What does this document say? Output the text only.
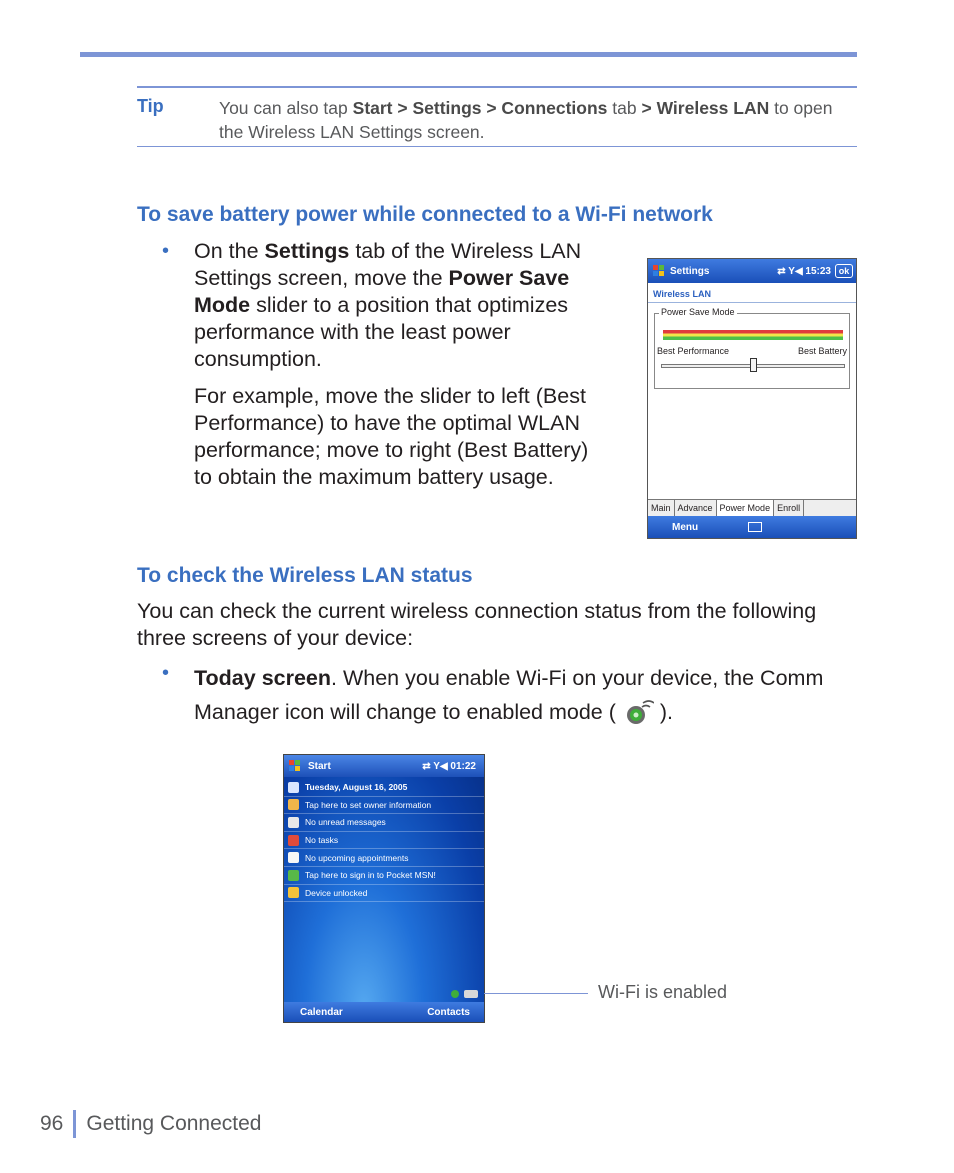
Tip	You can also tap Start > Settings > Connections tab > Wireless LAN to open the Wireless LAN Settings screen.
To save battery power while connected to a Wi-Fi network
• On the Settings tab of the Wireless LAN Settings screen, move the Power Save Mode slider to a position that optimizes performance with the least power consumption.
For example, move the slider to left (Best Performance) to have the optimal WLAN performance; move to right (Best Battery) to obtain the maximum battery usage.
Settings	⇄ Y◀ 15:23 ok
Wireless LAN
Power Save Mode
Best Performance	Best Battery
Main Advance Power Mode Enroll
Menu
To check the Wireless LAN status
You can check the current wireless connection status from the following three screens of your device:
• Today screen. When you enable Wi-Fi on your device, the Comm Manager icon will change to enabled mode (  ).
Start	⇄ Y◀ 01:22
Tuesday, August 16, 2005
Tap here to set owner information
No unread messages
No tasks
No upcoming appointments
Tap here to sign in to Pocket MSN!
Device unlocked
Calendar	Contacts
Wi-Fi is enabled
96 Getting Connected
